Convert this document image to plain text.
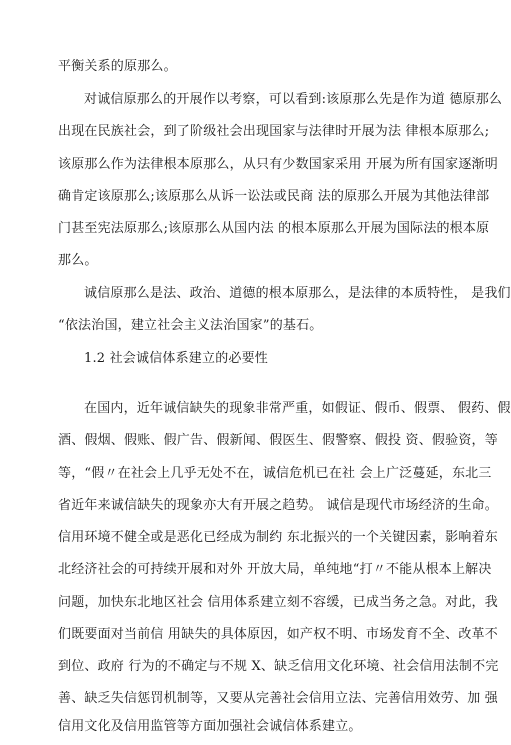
平衡关系的原那么。
对诚信原那么的开展作以考察，可以看到:该原那么先是作为道 德原那么
出现在民族社会，到了阶级社会出现国家与法律时开展为法 律根本原那么;
该原那么作为法律根本原那么，从只有少数国家采用 开展为所有国家逐渐明
确肯定该原那么;该原那么从诉一讼法或民商 法的原那么开展为其他法律部
门甚至宪法原那么;该原那么从国内法 的根本原那么开展为国际法的根本原
那么。
诚信原那么是法、政治、道德的根本原那么，是法律的本质特性， 是我们
“依法治国，建立社会主义法治国家”的基石。
1.2 社会诚信体系建立的必要性
在国内，近年诚信缺失的现象非常严重，如假证、假币、假票、 假药、假
酒、假烟、假账、假广告、假新闻、假医生、假警察、假投 资、假验资，等
等，“假〃在社会上几乎无处不在，诚信危机已在社 会上广泛蔓延，东北三
省近年来诚信缺失的现象亦大有开展之趋势。 诚信是现代市场经济的生命。
信用环境不健全或是恶化已经成为制约 东北振兴的一个关键因素，影响着东
北经济社会的可持续开展和对外 开放大局，单纯地“打〃不能从根本上解决
问题，加快东北地区社会 信用体系建立刻不容缓，已成当务之急。对此，我
们既要面对当前信 用缺失的具体原因，如产权不明、市场发育不全、改革不
到位、政府 行为的不确定与不规 X、缺乏信用文化环境、社会信用法制不完
善、缺乏失信惩罚机制等，又要从完善社会信用立法、完善信用效劳、加 强
信用文化及信用监管等方面加强社会诚信体系建立。
